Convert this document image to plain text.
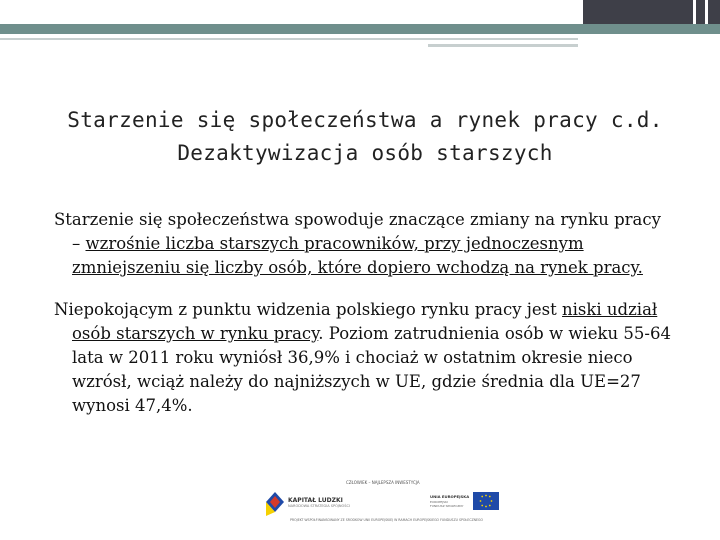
Starzenie się społeczeństwa a rynek pracy c.d.
Dezaktywizacja osób starszych

Starzenie się społeczeństwa spowoduje znaczące zmiany na rynku pracy – wzrośnie liczba starszych pracowników, przy jednoczesnym zmniejszeniu się liczby osób, które dopiero wchodzą na rynek pracy.

Niepokojącym z punktu widzenia polskiego rynku pracy jest niski udział osób starszych w rynku pracy. Poziom zatrudnienia osób w wieku 55-64 lata w 2011 roku wyniósł 36,9% i chociaż w ostatnim okresie nieco wzrósł, wciąż należy do najniższych w UE, gdzie średnia dla UE=27 wynosi 47,4%.

CZŁOWIEK – NAJLEPSZA INWESTYCJA
KAPITAŁ LUDZKI
NARODOWA STRATEGIA SPÓJNOŚCI
UNIA EUROPEJSKA
EUROPEJSKI
FUNDUSZ SPOŁECZNY
PROJEKT WSPÓŁFINANSOWANY ZE ŚRODKÓW UNII EUROPEJSKIEJ W RAMACH EUROPEJSKIEGO FUNDUSZU SPOŁECZNEGO
